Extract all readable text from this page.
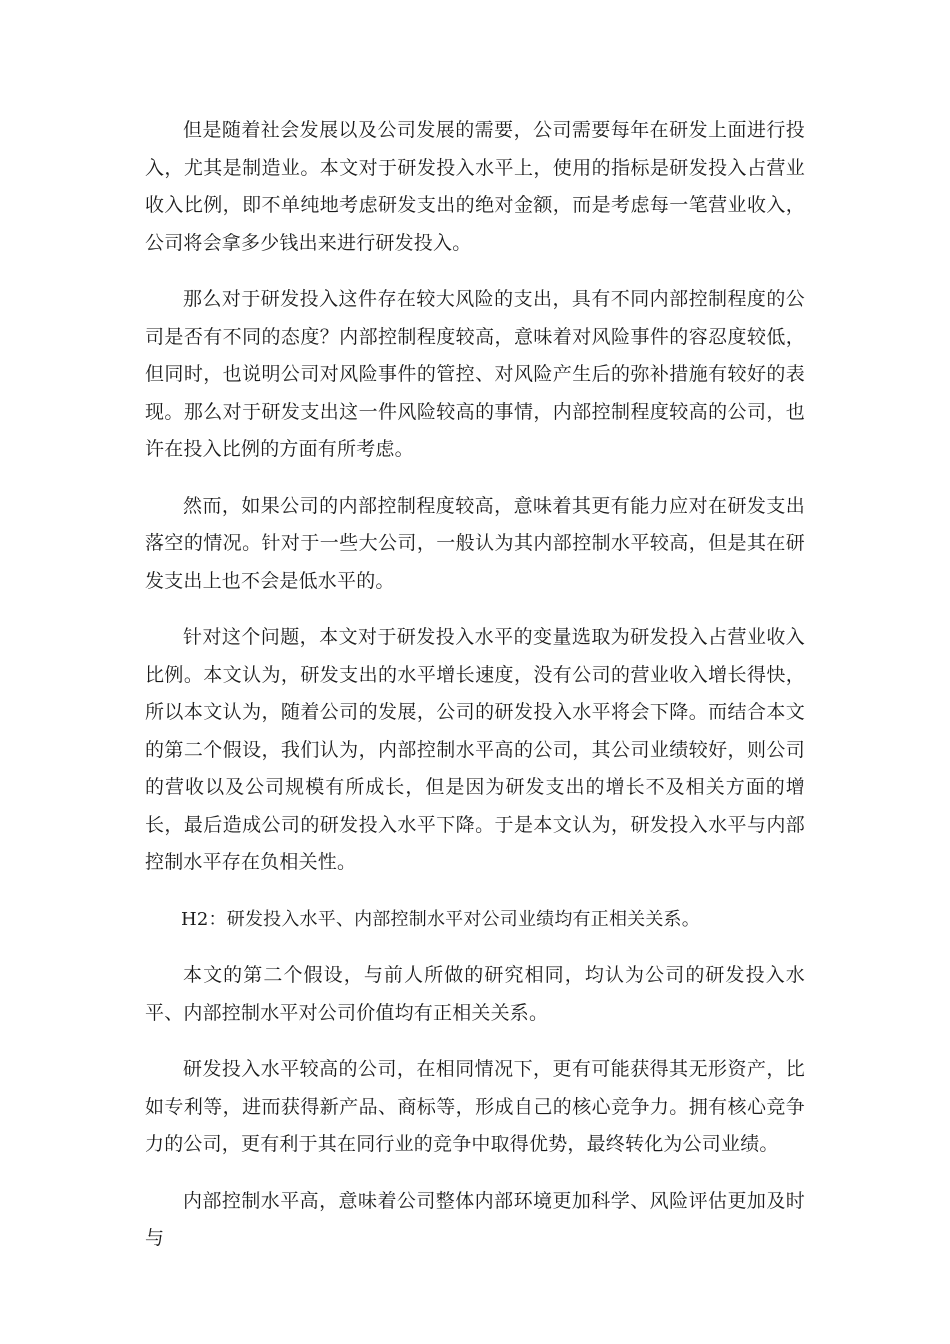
但是随着社会发展以及公司发展的需要，公司需要每年在研发上面进行投入，尤其是制造业。本文对于研发投入水平上，使用的指标是研发投入占营业收入比例，即不单纯地考虑研发支出的绝对金额，而是考虑每一笔营业收入，公司将会拿多少钱出来进行研发投入。

那么对于研发投入这件存在较大风险的支出，具有不同内部控制程度的公司是否有不同的态度？内部控制程度较高，意味着对风险事件的容忍度较低，但同时，也说明公司对风险事件的管控、对风险产生后的弥补措施有较好的表现。那么对于研发支出这一件风险较高的事情，内部控制程度较高的公司，也许在投入比例的方面有所考虑。

然而，如果公司的内部控制程度较高，意味着其更有能力应对在研发支出落空的情况。针对于一些大公司，一般认为其内部控制水平较高，但是其在研发支出上也不会是低水平的。

针对这个问题，本文对于研发投入水平的变量选取为研发投入占营业收入比例。本文认为，研发支出的水平增长速度，没有公司的营业收入增长得快，所以本文认为，随着公司的发展，公司的研发投入水平将会下降。而结合本文的第二个假设，我们认为，内部控制水平高的公司，其公司业绩较好，则公司的营收以及公司规模有所成长，但是因为研发支出的增长不及相关方面的增长，最后造成公司的研发投入水平下降。于是本文认为，研发投入水平与内部控制水平存在负相关性。

H2：研发投入水平、内部控制水平对公司业绩均有正相关关系。

本文的第二个假设，与前人所做的研究相同，均认为公司的研发投入水平、内部控制水平对公司价值均有正相关关系。

研发投入水平较高的公司，在相同情况下，更有可能获得其无形资产，比如专利等，进而获得新产品、商标等，形成自己的核心竞争力。拥有核心竞争力的公司，更有利于其在同行业的竞争中取得优势，最终转化为公司业绩。

内部控制水平高，意味着公司整体内部环境更加科学、风险评估更加及时与
